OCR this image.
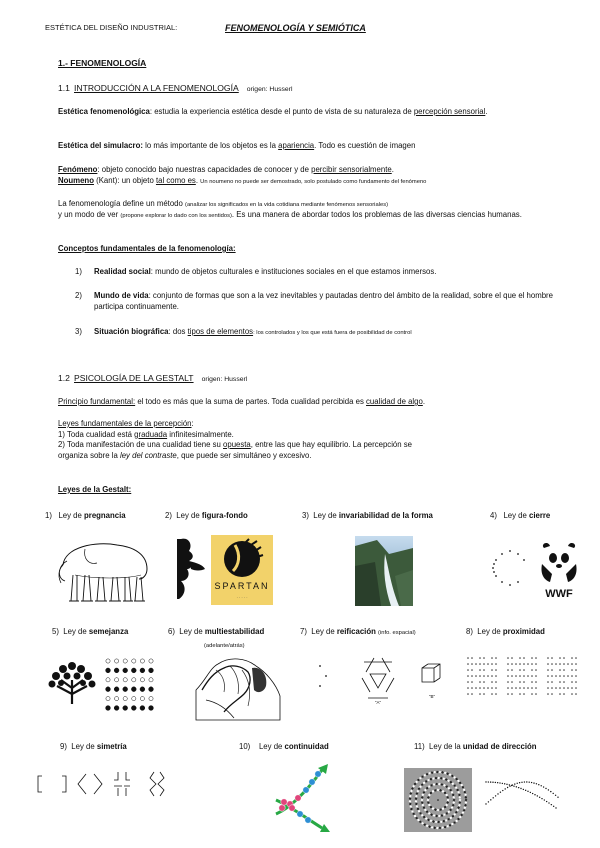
ESTÉTICA DEL DISEÑO INDUSTRIAL:	FENOMENOLOGÍA Y SEMIÓTICA
1.- FENOMENOLOGÍA
1.1 INTRODUCCIÓN A LA FENOMENOLOGÍA origen: Husserl
Estética fenomenológica: estudia la experiencia estética desde el punto de vista de su naturaleza de percepción sensorial.
Estética del simulacro: lo más importante de los objetos es la apariencia. Todo es cuestión de imagen
Fenómeno: objeto conocido bajo nuestras capacidades de conocer y de percibir sensorialmente.
Noumeno (Kant): un objeto tal como es. Un noumeno no puede ser demostrado, solo postulado como fundamento del fenómeno
La fenomenología define un método (analizar los significados en la vida cotidiana mediante fenómenos sensoriales)
y un modo de ver (propone explorar lo dado con los sentidos). Es una manera de abordar todos los problemas de las diversas ciencias humanas.
Conceptos fundamentales de la fenomenología:
1) Realidad social: mundo de objetos culturales e instituciones sociales en el que estamos inmersos.
2) Mundo de vida: conjunto de formas que son a la vez inevitables y pautadas dentro del ámbito de la realidad, sobre el que el hombre participa continuamente.
3) Situación biográfica: dos tipos de elementos: los controlados y los que está fuera de posibilidad de control
1.2 PSICOLOGÍA DE LA GESTALT origen: Husserl
Principio fundamental: el todo es más que la suma de partes. Toda cualidad percibida es cualidad de algo.
Leyes fundamentales de la percepción:
1) Toda cualidad está graduada infinitesimalmente.
2) Toda manifestación de una cualidad tiene su opuesta, entre las que hay equilibrio. La percepción se
organiza sobre la ley del contraste, que puede ser simultáneo y excesivo.
Leyes de la Gestalt:
1) Ley de pregnancia	2) Ley de figura-fondo	3) Ley de invariabilidad de la forma	4) Ley de cierre
SPARTAN
· · · · ·	WWF
5) Ley de semejanza	6) Ley de multiestabilidad
(adelante/atrás)
7) Ley de reificación (info. espacial)	8) Ley de proximidad
"A"
"B"
9) Ley de simetría	10) Ley de continuidad	11) Ley de la unidad de dirección
